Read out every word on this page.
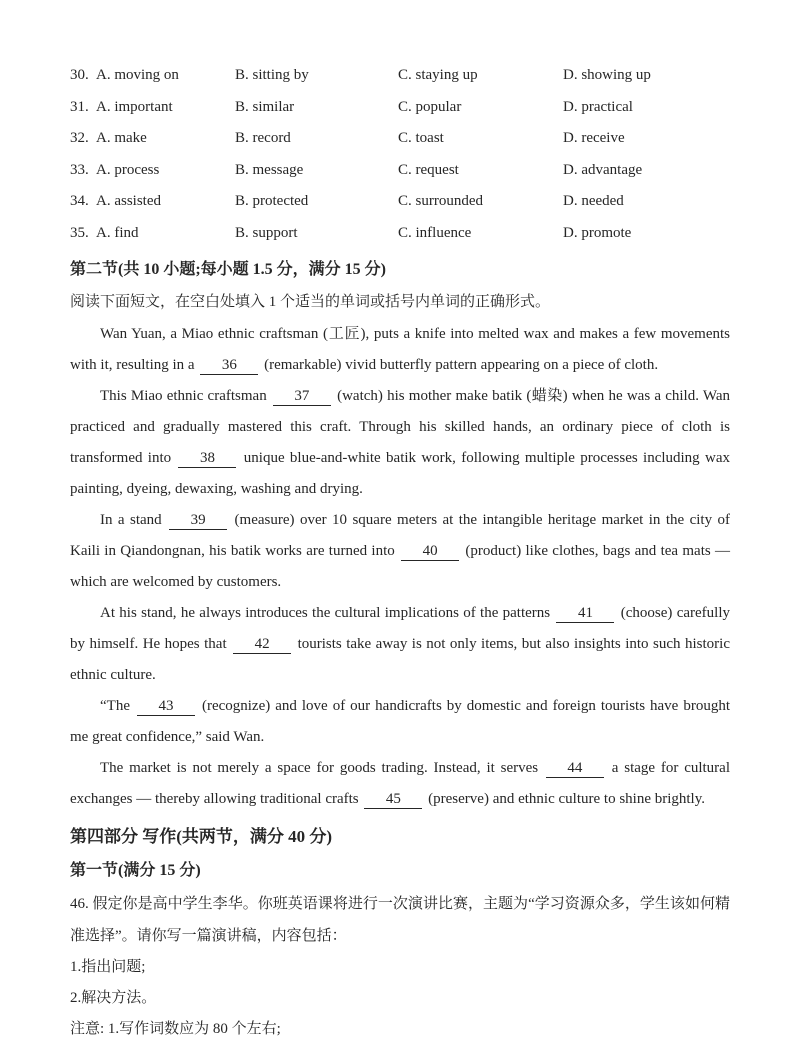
30. A. moving on	B. sitting by	C. staying up	D. showing up
31. A. important	B. similar	C. popular	D. practical
32. A. make	B. record	C. toast	D. receive
33. A. process	B. message	C. request	D. advantage
34. A. assisted	B. protected	C. surrounded	D. needed
35. A. find	B. support	C. influence	D. promote
第二节(共 10 小题;每小题 1.5 分，满分 15 分)

阅读下面短文，在空白处填入 1 个适当的单词或括号内单词的正确形式。

Wan Yuan, a Miao ethnic craftsman (工匠), puts a knife into melted wax and makes a few movements with it, resulting in a 36 (remarkable) vivid butterfly pattern appearing on a piece of cloth.

This Miao ethnic craftsman 37 (watch) his mother make batik (蜡染) when he was a child. Wan practiced and gradually mastered this craft. Through his skilled hands, an ordinary piece of cloth is transformed into 38 unique blue-and-white batik work, following multiple processes including wax painting, dyeing, dewaxing, washing and drying.

In a stand 39 (measure) over 10 square meters at the intangible heritage market in the city of Kaili in Qiandongnan, his batik works are turned into 40 (product) like clothes, bags and tea mats — which are welcomed by customers.

At his stand, he always introduces the cultural implications of the patterns 41 (choose) carefully by himself. He hopes that 42 tourists take away is not only items, but also insights into such historic ethnic culture.

“The 43 (recognize) and love of our handicrafts by domestic and foreign tourists have brought me great confidence,” said Wan.

The market is not merely a space for goods trading. Instead, it serves 44 a stage for cultural exchanges — thereby allowing traditional crafts 45 (preserve) and ethnic culture to shine brightly.

第四部分 写作(共两节，满分 40 分)
第一节(满分 15 分)

46. 假定你是高中学生李华。你班英语课将进行一次演讲比赛，主题为“学习资源众多，学生该如何精准选择”。请你写一篇演讲稿，内容包括：

1.指出问题;

2.解决方法。

注意: 1.写作词数应为 80 个左右;
